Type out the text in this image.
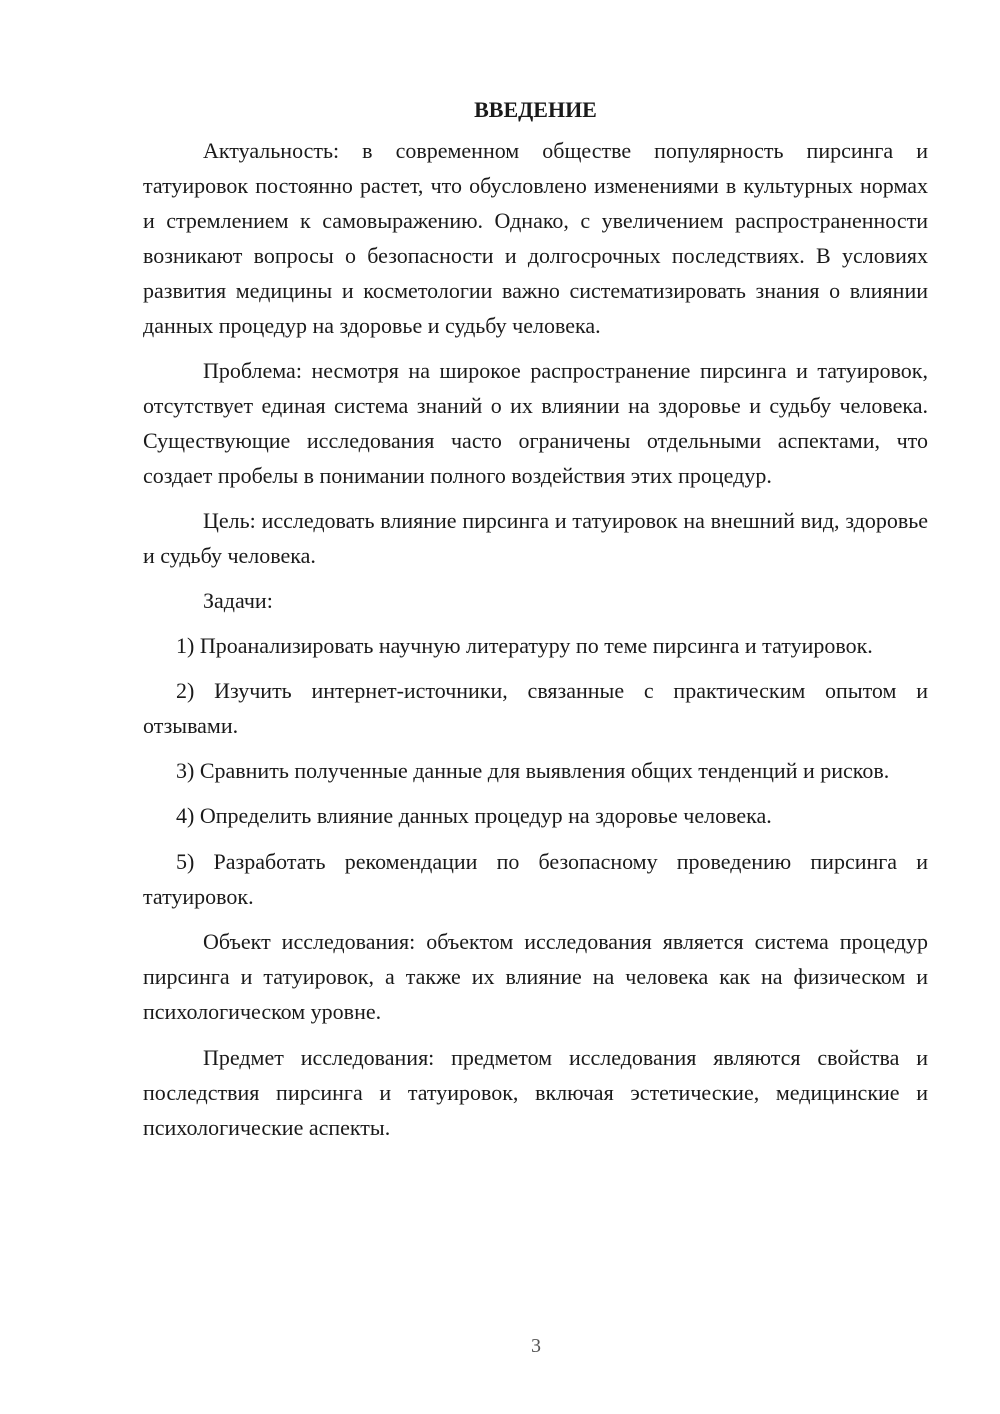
ВВЕДЕНИЕ

Актуальность: в современном обществе популярность пирсинга и татуировок постоянно растет, что обусловлено изменениями в культурных нормах и стремлением к самовыражению. Однако, с увеличением распространенности возникают вопросы о безопасности и долгосрочных последствиях. В условиях развития медицины и косметологии важно систематизировать знания о влиянии данных процедур на здоровье и судьбу человека.

Проблема: несмотря на широкое распространение пирсинга и татуировок, отсутствует единая система знаний о их влиянии на здоровье и судьбу человека. Существующие исследования часто ограничены отдельными аспектами, что создает пробелы в понимании полного воздействия этих процедур.

Цель: исследовать влияние пирсинга и татуировок на внешний вид, здоровье и судьбу человека.

Задачи:

1) Проанализировать научную литературу по теме пирсинга и татуировок.

2) Изучить интернет-источники, связанные с практическим опытом и отзывами.

3) Сравнить полученные данные для выявления общих тенденций и рисков.

4) Определить влияние данных процедур на здоровье человека.

5) Разработать рекомендации по безопасному проведению пирсинга и татуировок.

Объект исследования: объектом исследования является система процедур пирсинга и татуировок, а также их влияние на человека как на физическом и психологическом уровне.

Предмет исследования: предметом исследования являются свойства и последствия пирсинга и татуировок, включая эстетические, медицинские и психологические аспекты.

3
